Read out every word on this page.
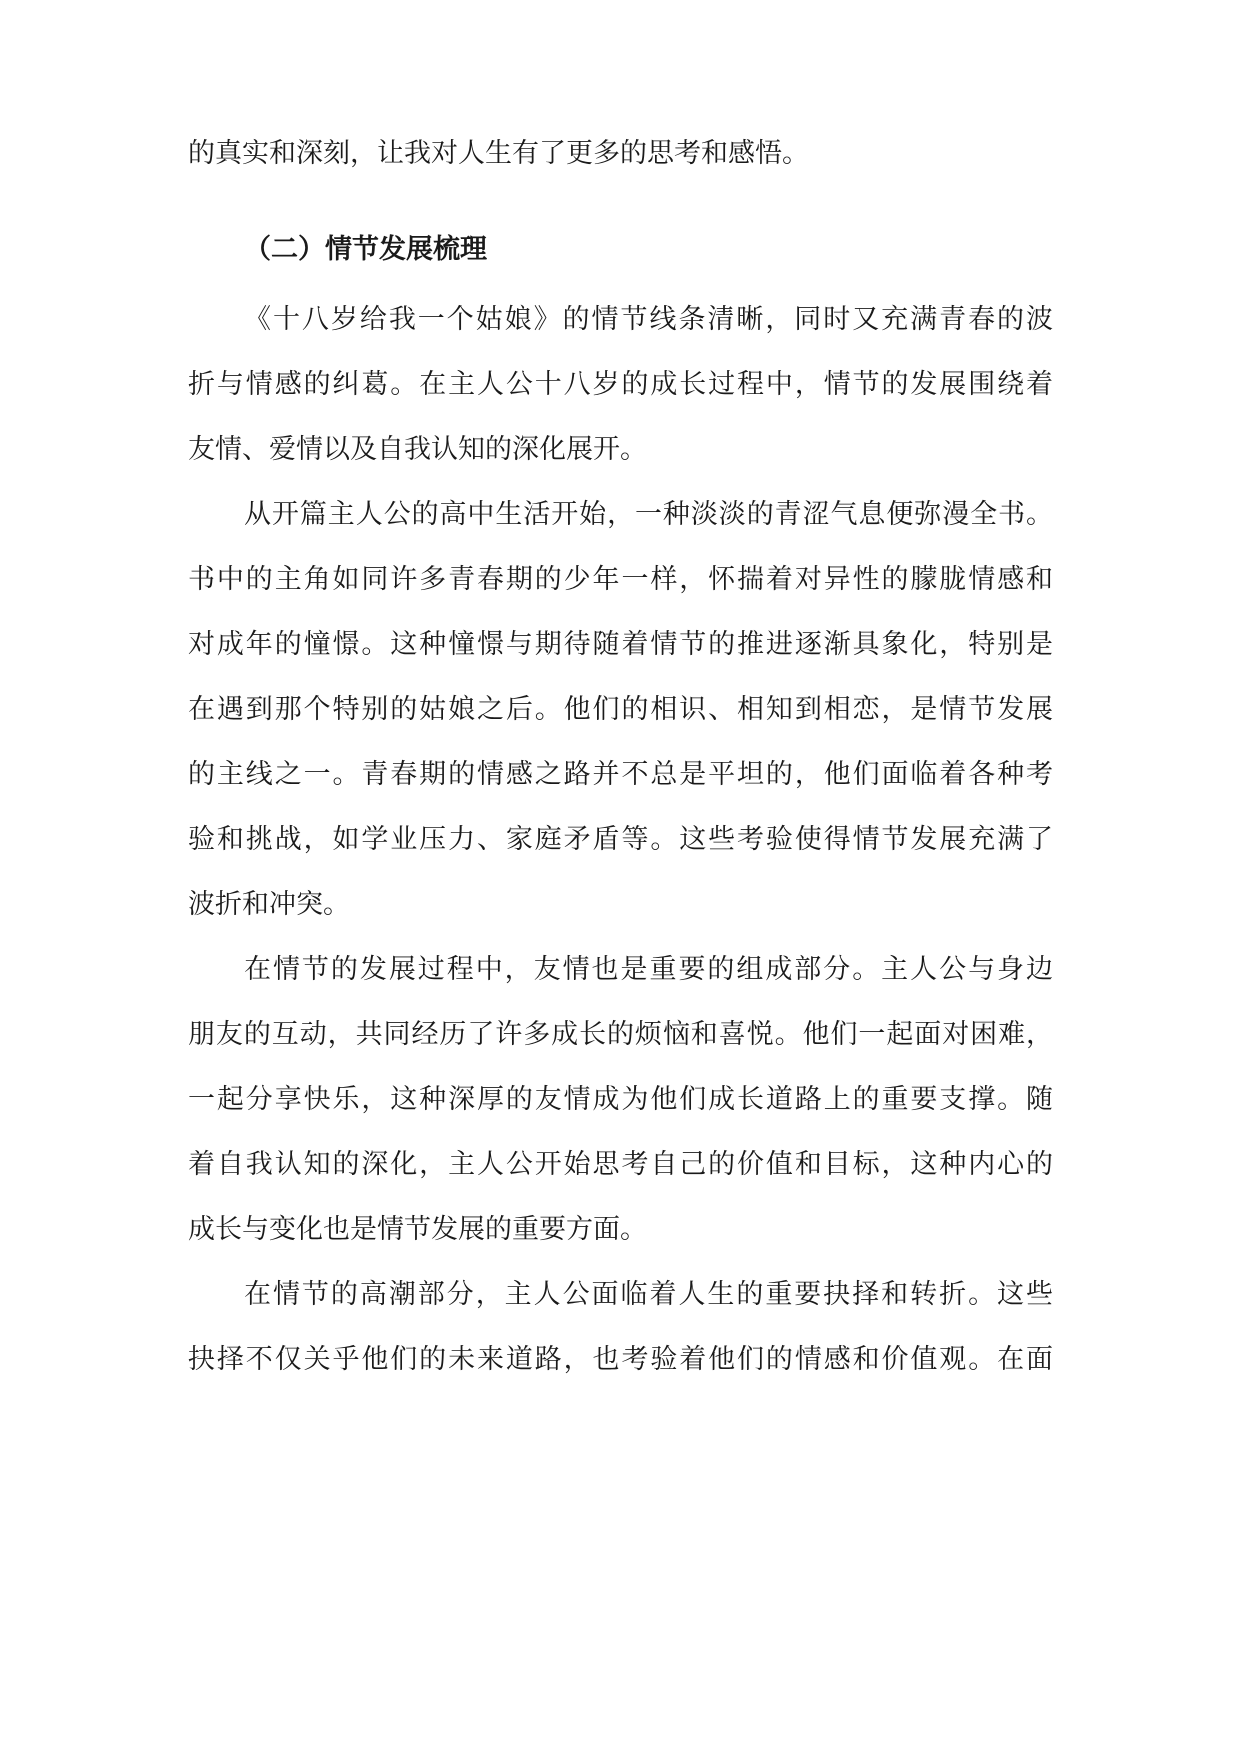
的真实和深刻，让我对人生有了更多的思考和感悟。
（二）情节发展梳理
《十八岁给我一个姑娘》的情节线条清晰，同时又充满青春的波
折与情感的纠葛。在主人公十八岁的成长过程中，情节的发展围绕着
友情、爱情以及自我认知的深化展开。
从开篇主人公的高中生活开始，一种淡淡的青涩气息便弥漫全书。
书中的主角如同许多青春期的少年一样，怀揣着对异性的朦胧情感和
对成年的憧憬。这种憧憬与期待随着情节的推进逐渐具象化，特别是
在遇到那个特别的姑娘之后。他们的相识、相知到相恋，是情节发展
的主线之一。青春期的情感之路并不总是平坦的，他们面临着各种考
验和挑战，如学业压力、家庭矛盾等。这些考验使得情节发展充满了
波折和冲突。
在情节的发展过程中，友情也是重要的组成部分。主人公与身边
朋友的互动，共同经历了许多成长的烦恼和喜悦。他们一起面对困难，
一起分享快乐，这种深厚的友情成为他们成长道路上的重要支撑。随
着自我认知的深化，主人公开始思考自己的价值和目标，这种内心的
成长与变化也是情节发展的重要方面。
在情节的高潮部分，主人公面临着人生的重要抉择和转折。这些
抉择不仅关乎他们的未来道路，也考验着他们的情感和价值观。在面
